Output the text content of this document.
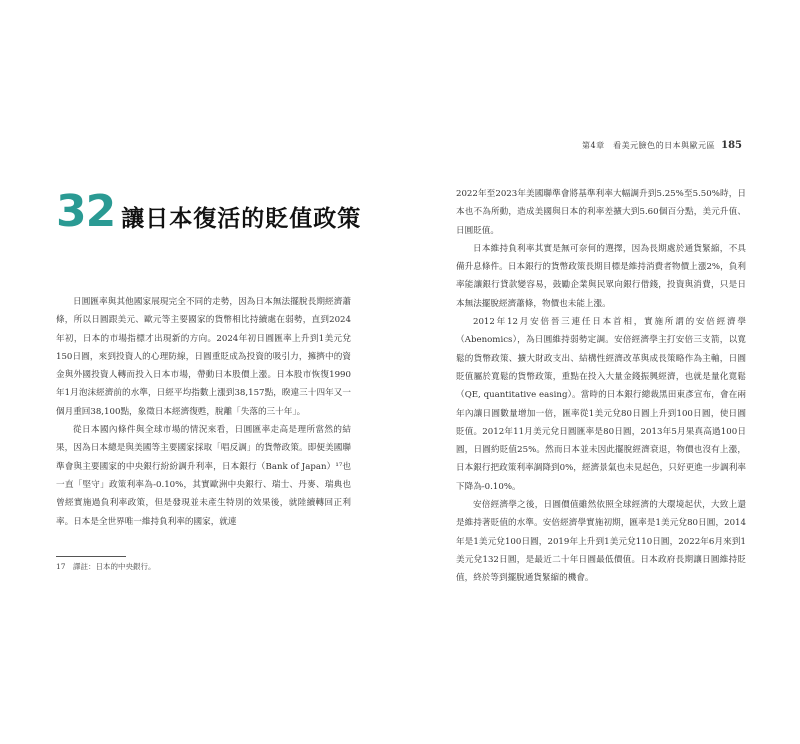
32 讓日本復活的貶值政策

日圓匯率與其他國家展現完全不同的走勢，因為日本無法擺脫長期經濟蕭條，所以日圓跟美元、歐元等主要國家的貨幣相比持續處在弱勢，直到2024年初，日本的市場指標才出現新的方向。2024年初日圓匯率上升到1美元兌150日圓，來到投資人的心理防線，日圓重貶成為投資的吸引力，擁擠中的資金與外國投資人轉而投入日本市場，帶動日本股價上漲。日本股市恢復1990年1月泡沫經濟前的水準，日經平均指數上漲到38,157點，睽違三十四年又一個月重回38,100點，象徵日本經濟復甦，脫離「失落的三十年」。

從日本國內條件與全球市場的情況來看，日圓匯率走高是理所當然的結果，因為日本總是與美國等主要國家採取「唱反調」的貨幣政策。即便美國聯準會與主要國家的中央銀行紛紛調升利率，日本銀行（Bank of Japan）¹⁷也一直「堅守」政策利率為-0.10%，其實歐洲中央銀行、瑞士、丹麥、瑞典也曾經實施過負利率政策，但是發現並未產生特別的效果後，就陸續轉回正利率。日本是全世界唯一維持負利率的國家，就連

17　譯註：日本的中央銀行。
第4章　看美元臉色的日本與歐元區 185

2022年至2023年美國聯準會將基準利率大幅調升到5.25%至5.50%時，日本也不為所動，造成美國與日本的利率差擴大到5.60個百分點，美元升值、日圓貶值。

日本維持負利率其實是無可奈何的選擇，因為長期處於通貨緊縮，不具備升息條件。日本銀行的貨幣政策長期目標是維持消費者物價上漲2%，負利率能讓銀行貸款變容易，鼓勵企業與民眾向銀行借錢，投資與消費，只是日本無法擺脫經濟蕭條，物價也未能上漲。

2012年12月安倍晉三連任日本首相，實施所謂的安倍經濟學（Abenomics），為日圓維持弱勢定調。安倍經濟學主打安倍三支箭，以寬鬆的貨幣政策、擴大財政支出、結構性經濟改革與成長策略作為主軸，日圓貶值屬於寬鬆的貨幣政策，重點在投入大量金錢振興經濟，也就是量化寬鬆（QE, quantitative easing）。當時的日本銀行總裁黑田東彥宣布，會在兩年內讓日圓數量增加一倍，匯率從1美元兌80日圓上升到100日圓，使日圓貶值。2012年11月美元兌日圓匯率是80日圓，2013年5月果真高過100日圓，日圓約貶值25%。然而日本並未因此擺脫經濟衰退，物價也沒有上漲，日本銀行把政策利率調降到0%，經濟景氣也未見起色，只好更進一步調利率下降為-0.10%。

安倍經濟學之後，日圓價值雖然依照全球經濟的大環境起伏，大致上還是維持著貶值的水準。安倍經濟學實施初期，匯率是1美元兌80日圓，2014年是1美元兌100日圓，2019年上升到1美元兌110日圓，2022年6月來到1美元兌132日圓，是最近二十年日圓最低價值。日本政府長期讓日圓維持貶值，終於等到擺脫通貨緊縮的機會。
